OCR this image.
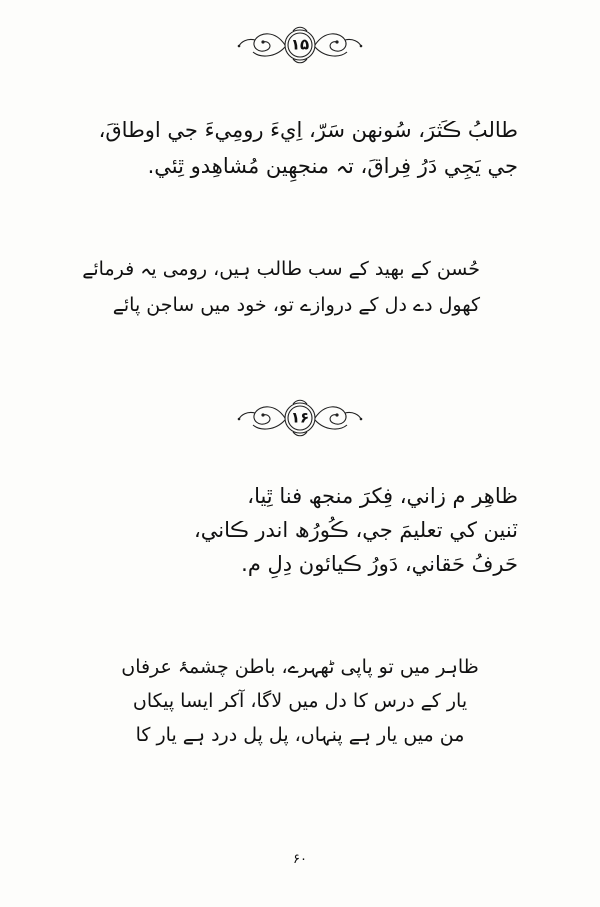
۱۵
طالبُ ڪَثرَ، سُونهن سَرّ، اِيءَ رومِيءَ جي اوطاقَ،
جي يَجِي دَرُ فِراقَ، تہ منجهِين مُشاهِدو ٿِئي.
حُسن کے بھید کے سب طالب ہیں، رومی یہ فرمائے
کھول دے دل کے دروازے تو، خود میں ساجن پائے
۱۶
ظاهِر م زاني، فِكرَ منجھ فنا ٿِيا،
ٽنين کي تعليمَ جي، ڪُورُھ اندر ڪاني،
حَرفُ حَقاني، دَورُ ڪيائون دِلِ م.
ظاہر میں تو پاپی ٹھہرے، باطن چشمۂ عرفاں
یار کے درس کا دل میں لاگا، آکر ایسا پیکاں
من میں یار ہے پنہاں، پل پل درد ہے یار کا
۶۰
